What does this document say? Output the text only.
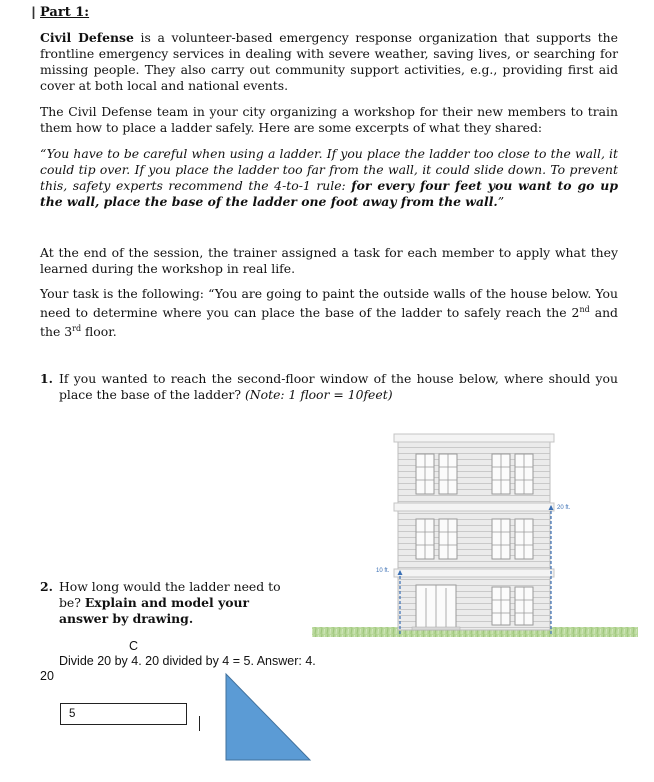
I Part 1:
Civil Defense is a volunteer-based emergency response organization that supports the frontline emergency services in dealing with severe weather, saving lives, or searching for missing people. They also carry out community support activities, e.g., providing first aid cover at both local and national events.
The Civil Defense team in your city organizing a workshop for their new members to train them how to place a ladder safely. Here are some excerpts of what they shared:
“You have to be careful when using a ladder. If you place the ladder too close to the wall, it could tip over. If you place the ladder too far from the wall, it could slide down. To prevent this, safety experts recommend the 4-to-1 rule: for every four feet you want to go up the wall, place the base of the ladder one foot away from the wall.”
At the end of the session, the trainer assigned a task for each member to apply what they learned during the workshop in real life.
Your task is the following: “You are going to paint the outside walls of the house below. You need to determine where you can place the base of the ladder to safely reach the 2nd and the 3rd floor.
1. If you wanted to reach the second-floor window of the house below, where should you place the base of the ladder? (Note: 1 floor = 10feet)
2. How long would the ladder need to
be? Explain and model your
answer by drawing.
C
Divide 20 by 4. 20 divided by 4 = 5. Answer: 4.
20
5
20 ft.
10 ft.
